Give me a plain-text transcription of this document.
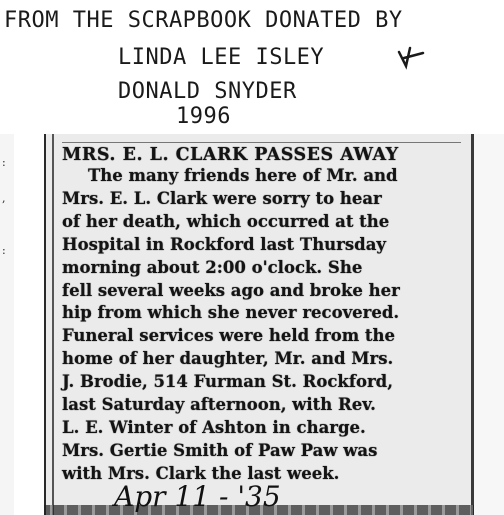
FROM THE SCRAPBOOK DONATED BY
LINDA LEE ISLEY
DONALD SNYDER
1996
:
,
:
MRS. E. L. CLARK PASSES AWAY
The many friends here of Mr. and
Mrs. E. L. Clark were sorry to hear
of her death, which occurred at the
Hospital in Rockford last Thursday
morning about 2:00 o'clock. She
fell several weeks ago and broke her
hip from which she never recovered.
Funeral services were held from the
home of her daughter, Mr. and Mrs.
J. Brodie, 514 Furman St. Rockford,
last Saturday afternoon, with Rev.
L. E. Winter of Ashton in charge.
Mrs. Gertie Smith of Paw Paw was
with Mrs. Clark the last week.
Apr 11 - '35
